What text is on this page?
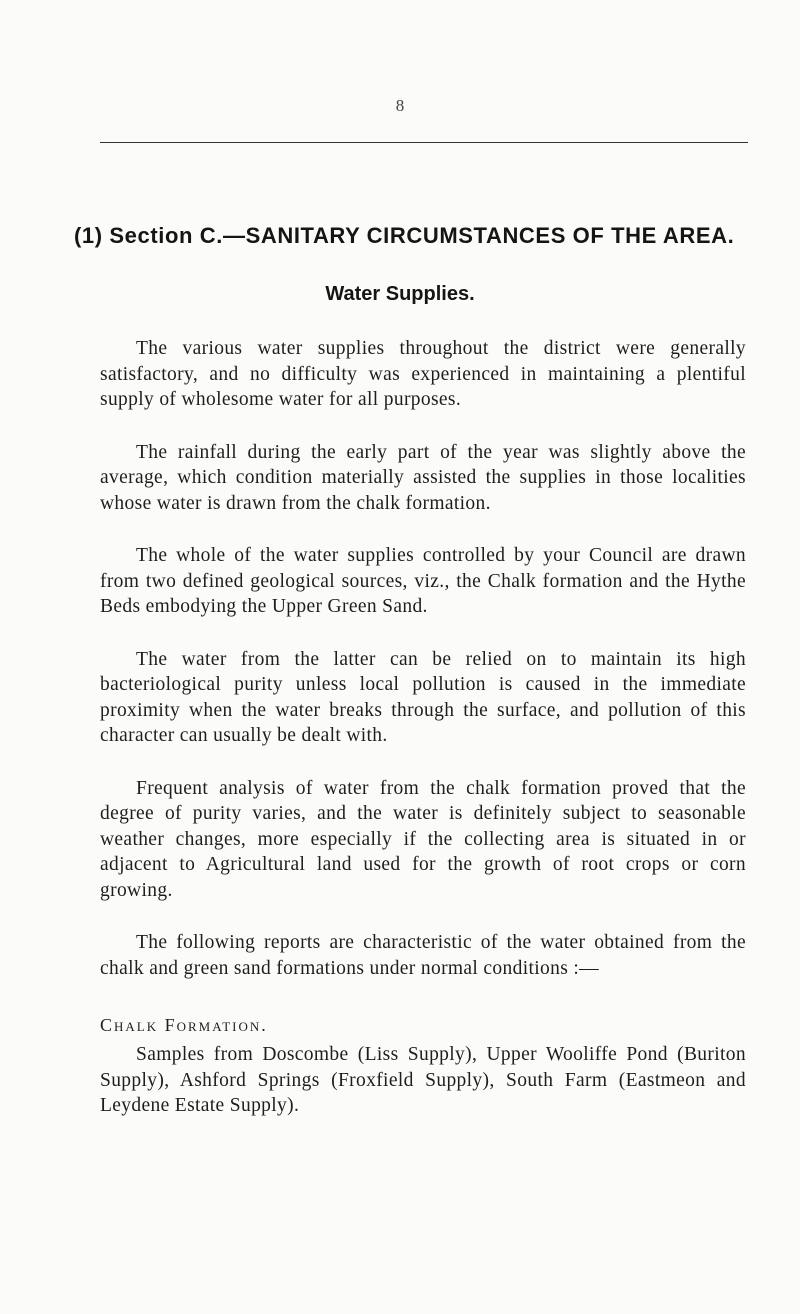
8
(1) Section C.—SANITARY CIRCUMSTANCES OF THE AREA.
Water Supplies.

The various water supplies throughout the district were generally satisfactory, and no difficulty was experienced in maintaining a plentiful supply of wholesome water for all purposes.

The rainfall during the early part of the year was slightly above the average, which condition materially assisted the supplies in those localities whose water is drawn from the chalk formation.

The whole of the water supplies controlled by your Council are drawn from two defined geological sources, viz., the Chalk formation and the Hythe Beds embodying the Upper Green Sand.

The water from the latter can be relied on to maintain its high bacteriological purity unless local pollution is caused in the immediate proximity when the water breaks through the surface, and pollution of this character can usually be dealt with.

Frequent analysis of water from the chalk formation proved that the degree of purity varies, and the water is definitely subject to seasonable weather changes, more especially if the collecting area is situated in or adjacent to Agricultural land used for the growth of root crops or corn growing.

The following reports are characteristic of the water obtained from the chalk and green sand formations under normal conditions :—

Chalk Formation.

Samples from Doscombe (Liss Supply), Upper Wooliffe Pond (Buriton Supply), Ashford Springs (Froxfield Supply), South Farm (Eastmeon and Leydene Estate Supply).
